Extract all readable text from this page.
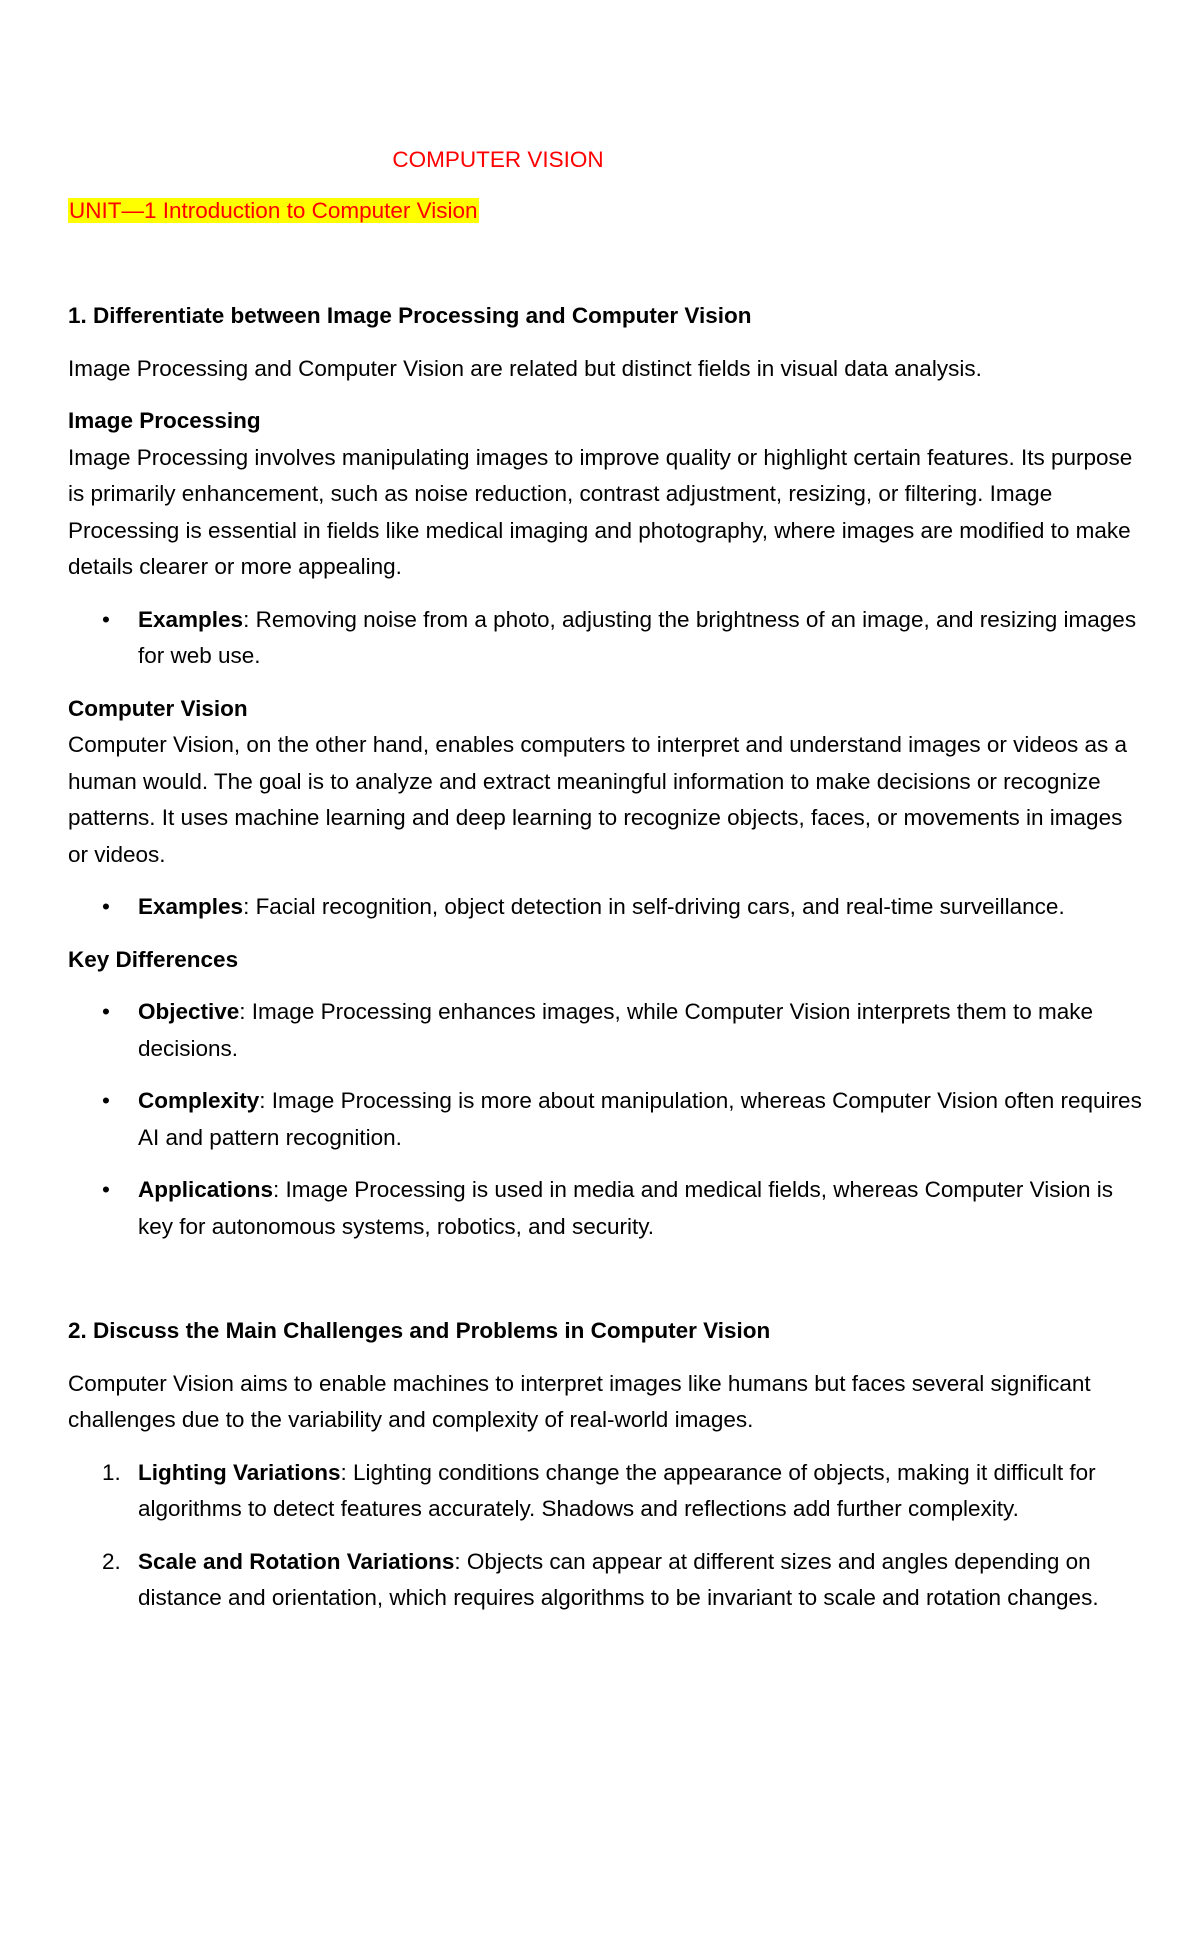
COMPUTER VISION
UNIT—1 Introduction to Computer Vision
1. Differentiate between Image Processing and Computer Vision

Image Processing and Computer Vision are related but distinct fields in visual data analysis.

Image Processing
Image Processing involves manipulating images to improve quality or highlight certain features. Its purpose is primarily enhancement, such as noise reduction, contrast adjustment, resizing, or filtering. Image Processing is essential in fields like medical imaging and photography, where images are modified to make details clearer or more appealing.

• Examples: Removing noise from a photo, adjusting the brightness of an image, and resizing images for web use.

Computer Vision
Computer Vision, on the other hand, enables computers to interpret and understand images or videos as a human would. The goal is to analyze and extract meaningful information to make decisions or recognize patterns. It uses machine learning and deep learning to recognize objects, faces, or movements in images or videos.

• Examples: Facial recognition, object detection in self-driving cars, and real-time surveillance.

Key Differences

• Objective: Image Processing enhances images, while Computer Vision interprets them to make decisions.
• Complexity: Image Processing is more about manipulation, whereas Computer Vision often requires AI and pattern recognition.
• Applications: Image Processing is used in media and medical fields, whereas Computer Vision is key for autonomous systems, robotics, and security.
2. Discuss the Main Challenges and Problems in Computer Vision

Computer Vision aims to enable machines to interpret images like humans but faces several significant challenges due to the variability and complexity of real-world images.

1. Lighting Variations: Lighting conditions change the appearance of objects, making it difficult for algorithms to detect features accurately. Shadows and reflections add further complexity.
2. Scale and Rotation Variations: Objects can appear at different sizes and angles depending on distance and orientation, which requires algorithms to be invariant to scale and rotation changes.
